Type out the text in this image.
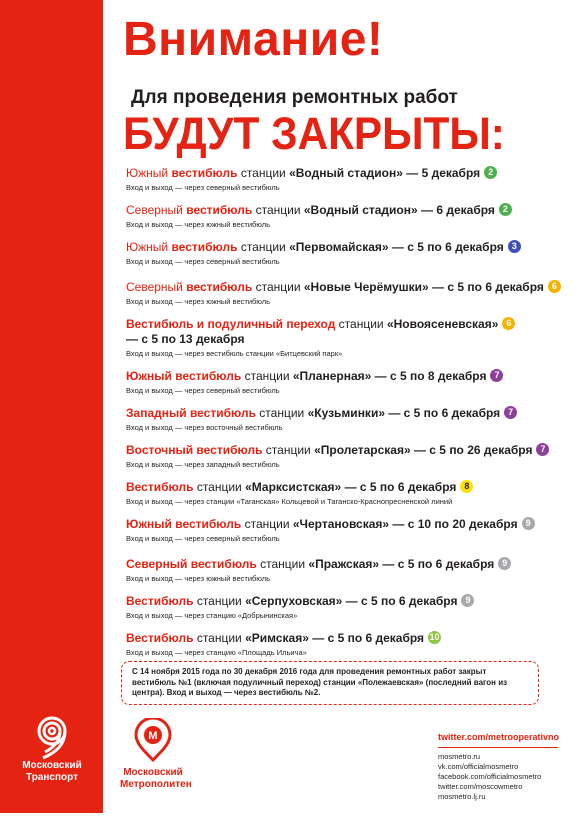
Московский
Транспорт
Внимание!
Для проведения ремонтных работ
БУДУТ ЗАКРЫТЫ:
Южный вестибюль станции «Водный стадион» — 5 декабря 2
Вход и выход — через северный вестибюль
Северный вестибюль станции «Водный стадион» — 6 декабря 2
Вход и выход — через южный вестибюль
Южный вестибюль станции «Первомайская» — с 5 по 6 декабря 3
Вход и выход — через северный вестибюль
Северный вестибюль станции «Новые Черёмушки» — с 5 по 6 декабря 6
Вход и выход — через южный вестибюль
Вестибюль и подуличный переход станции «Новоясеневская» 6
— с 5 по 13 декабря
Вход и выход — через вестибюль станции «Битцевский парк»
Южный вестибюль станции «Планерная» — с 5 по 8 декабря 7
Вход и выход — через северный вестибюль
Западный вестибюль станции «Кузьминки» — с 5 по 6 декабря 7
Вход и выход — через восточный вестибюль
Восточный вестибюль станции «Пролетарская» — с 5 по 26 декабря 7
Вход и выход — через западный вестибюль
Вестибюль станции «Марксистская» — с 5 по 6 декабря 8
Вход и выход — через станции «Таганская» Кольцевой и Таганско-Краснопресненской линий
Южный вестибюль станции «Чертановская» — с 10 по 20 декабря 9
Вход и выход — через северный вестибюль
Северный вестибюль станции «Пражская» — с 5 по 6 декабря 9
Вход и выход — через южный вестибюль
Вестибюль станции «Серпуховская» — с 5 по 6 декабря 9
Вход и выход — через станцию «Добрынинская»
Вестибюль станции «Римская» — с 5 по 6 декабря 10
Вход и выход — через станцию «Площадь Ильича»
С 14 ноября 2015 года по 30 декабря 2016 года для проведения ремонтных работ закрыт вестибюль №1 (включая подуличный переход) станции «Полежаевская» (последний вагон из центра). Вход и выход — через вестибюль №2.
М
Московский
Метрополитен
twitter.com/metrooperativno
mosmetro.ru
vk.com/officialmosmetro
facebook.com/officialmosmetro
twitter.com/moscowmetro
mosmetro.lj.ru
